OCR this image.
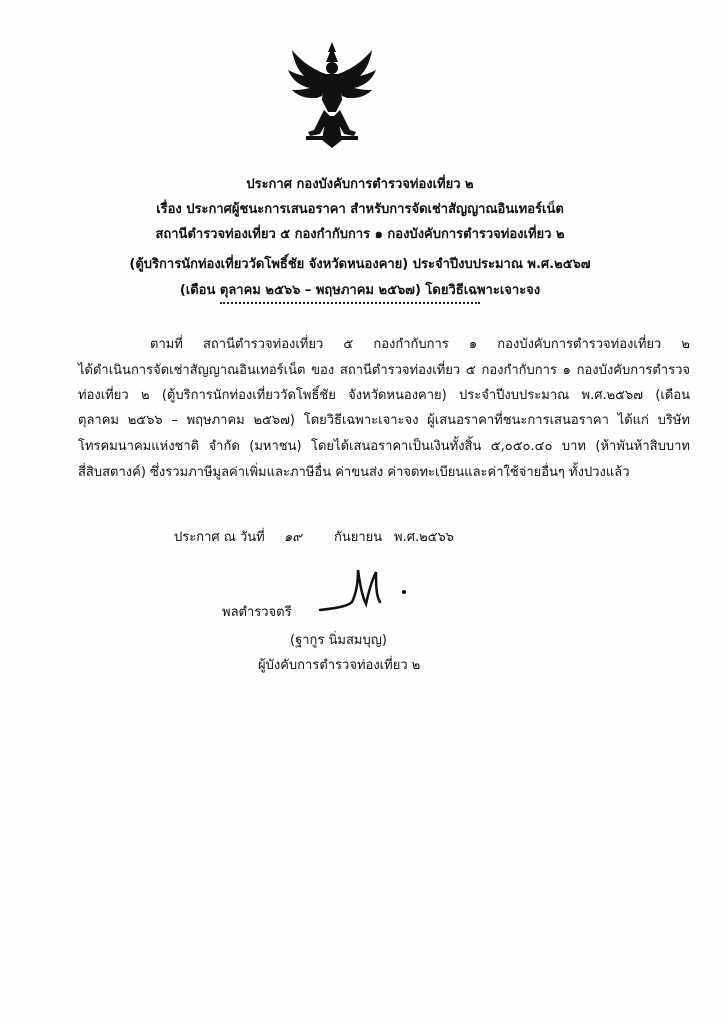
ประกาศ กองบังคับการตำรวจท่องเที่ยว ๒
เรื่อง ประกาศผู้ชนะการเสนอราคา สำหรับการจัดเช่าสัญญาณอินเทอร์เน็ต
สถานีตำรวจท่องเที่ยว ๕ กองกำกับการ ๑ กองบังคับการตำรวจท่องเที่ยว ๒
(ตู้บริการนักท่องเที่ยววัดโพธิ์ชัย จังหวัดหนองคาย) ประจำปีงบประมาณ พ.ศ.๒๕๖๗
(เดือน ตุลาคม ๒๕๖๖ – พฤษภาคม ๒๕๖๗) โดยวิธีเฉพาะเจาะจง
ตามที่ สถานีตำรวจท่องเที่ยว ๕ กองกำกับการ ๑ กองบังคับการตำรวจท่องเที่ยว ๒
ได้ดำเนินการจัดเช่าสัญญาณอินเทอร์เน็ต ของ สถานีตำรวจท่องเที่ยว ๕ กองกำกับการ ๑ กองบังคับการตำรวจ
ท่องเที่ยว ๒ (ตู้บริการนักท่องเที่ยววัดโพธิ์ชัย จังหวัดหนองคาย) ประจำปีงบประมาณ พ.ศ.๒๕๖๗ (เดือน
ตุลาคม ๒๕๖๖ – พฤษภาคม ๒๕๖๗) โดยวิธีเฉพาะเจาะจง ผู้เสนอราคาที่ชนะการเสนอราคา ได้แก่ บริษัท
โทรคมนาคมแห่งชาติ จำกัด (มหาชน) โดยได้เสนอราคาเป็นเงินทั้งสิ้น ๕,๐๕๐.๔๐ บาท (ห้าพันห้าสิบบาท
สี่สิบสตางค์) ซึ่งรวมภาษีมูลค่าเพิ่มและภาษีอื่น ค่าขนส่ง ค่าจดทะเบียนและค่าใช้จ่ายอื่นๆ ทั้งปวงแล้ว
ประกาศ ณ วันที่ ๑๙ กันยายน พ.ศ.๒๕๖๖
พลตำรวจตรี
(ฐากูร นิ่มสมบุญ)
ผู้บังคับการตำรวจท่องเที่ยว ๒
